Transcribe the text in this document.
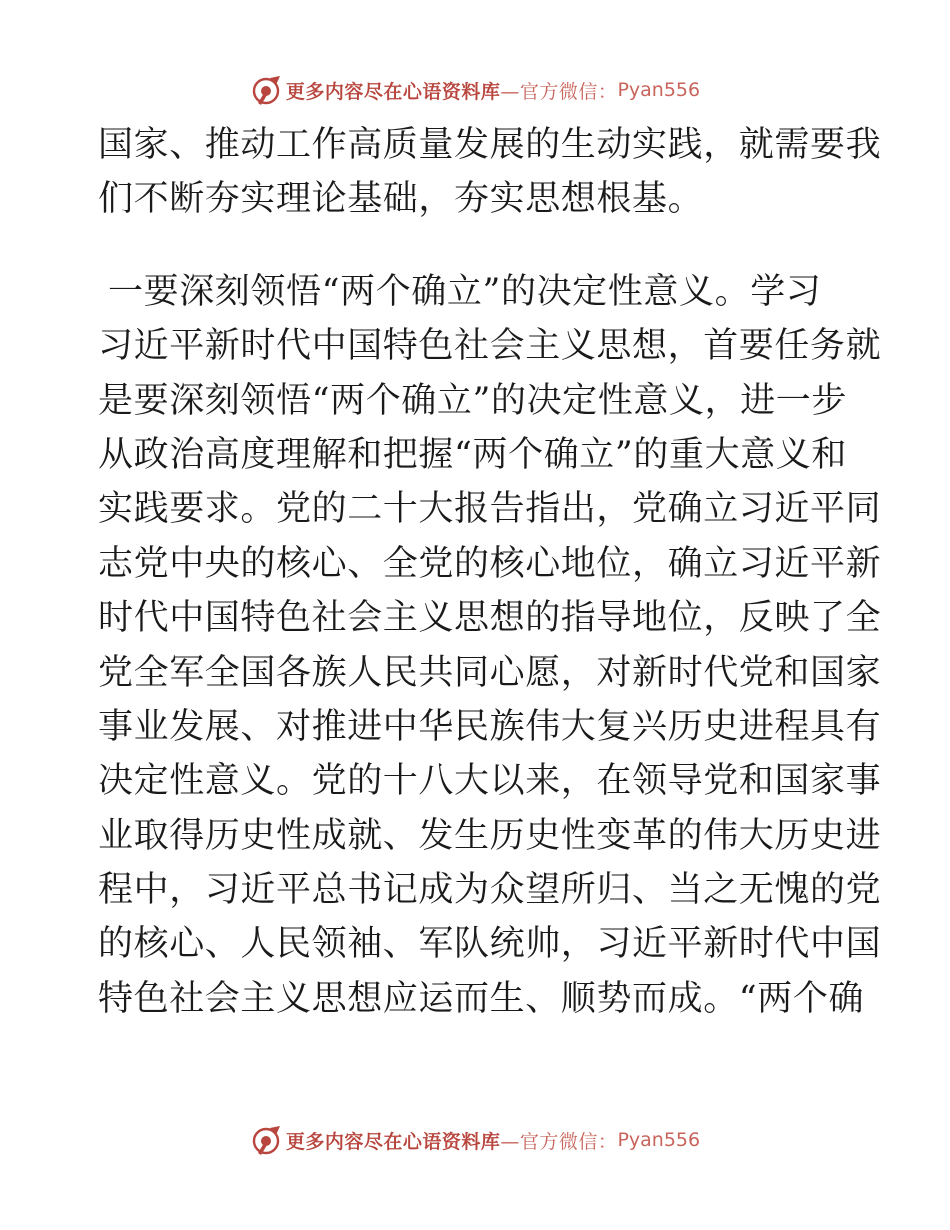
更多内容尽在心语资料库 —官方微信： Pyan556
国家、推动工作高质量发展的生动实践，就需要我
们不断夯实理论基础，夯实思想根基。
一要深刻领悟“两个确立”的决定性意义。学习
习近平新时代中国特色社会主义思想，首要任务就
是要深刻领悟“两个确立”的决定性意义，进一步
从政治高度理解和把握“两个确立”的重大意义和
实践要求。党的二十大报告指出，党确立习近平同
志党中央的核心、全党的核心地位，确立习近平新
时代中国特色社会主义思想的指导地位，反映了全
党全军全国各族人民共同心愿，对新时代党和国家
事业发展、对推进中华民族伟大复兴历史进程具有
决定性意义。党的十八大以来，在领导党和国家事
业取得历史性成就、发生历史性变革的伟大历史进
程中，习近平总书记成为众望所归、当之无愧的党
的核心、人民领袖、军队统帅，习近平新时代中国
特色社会主义思想应运而生、顺势而成。“两个确
更多内容尽在心语资料库 —官方微信： Pyan556
